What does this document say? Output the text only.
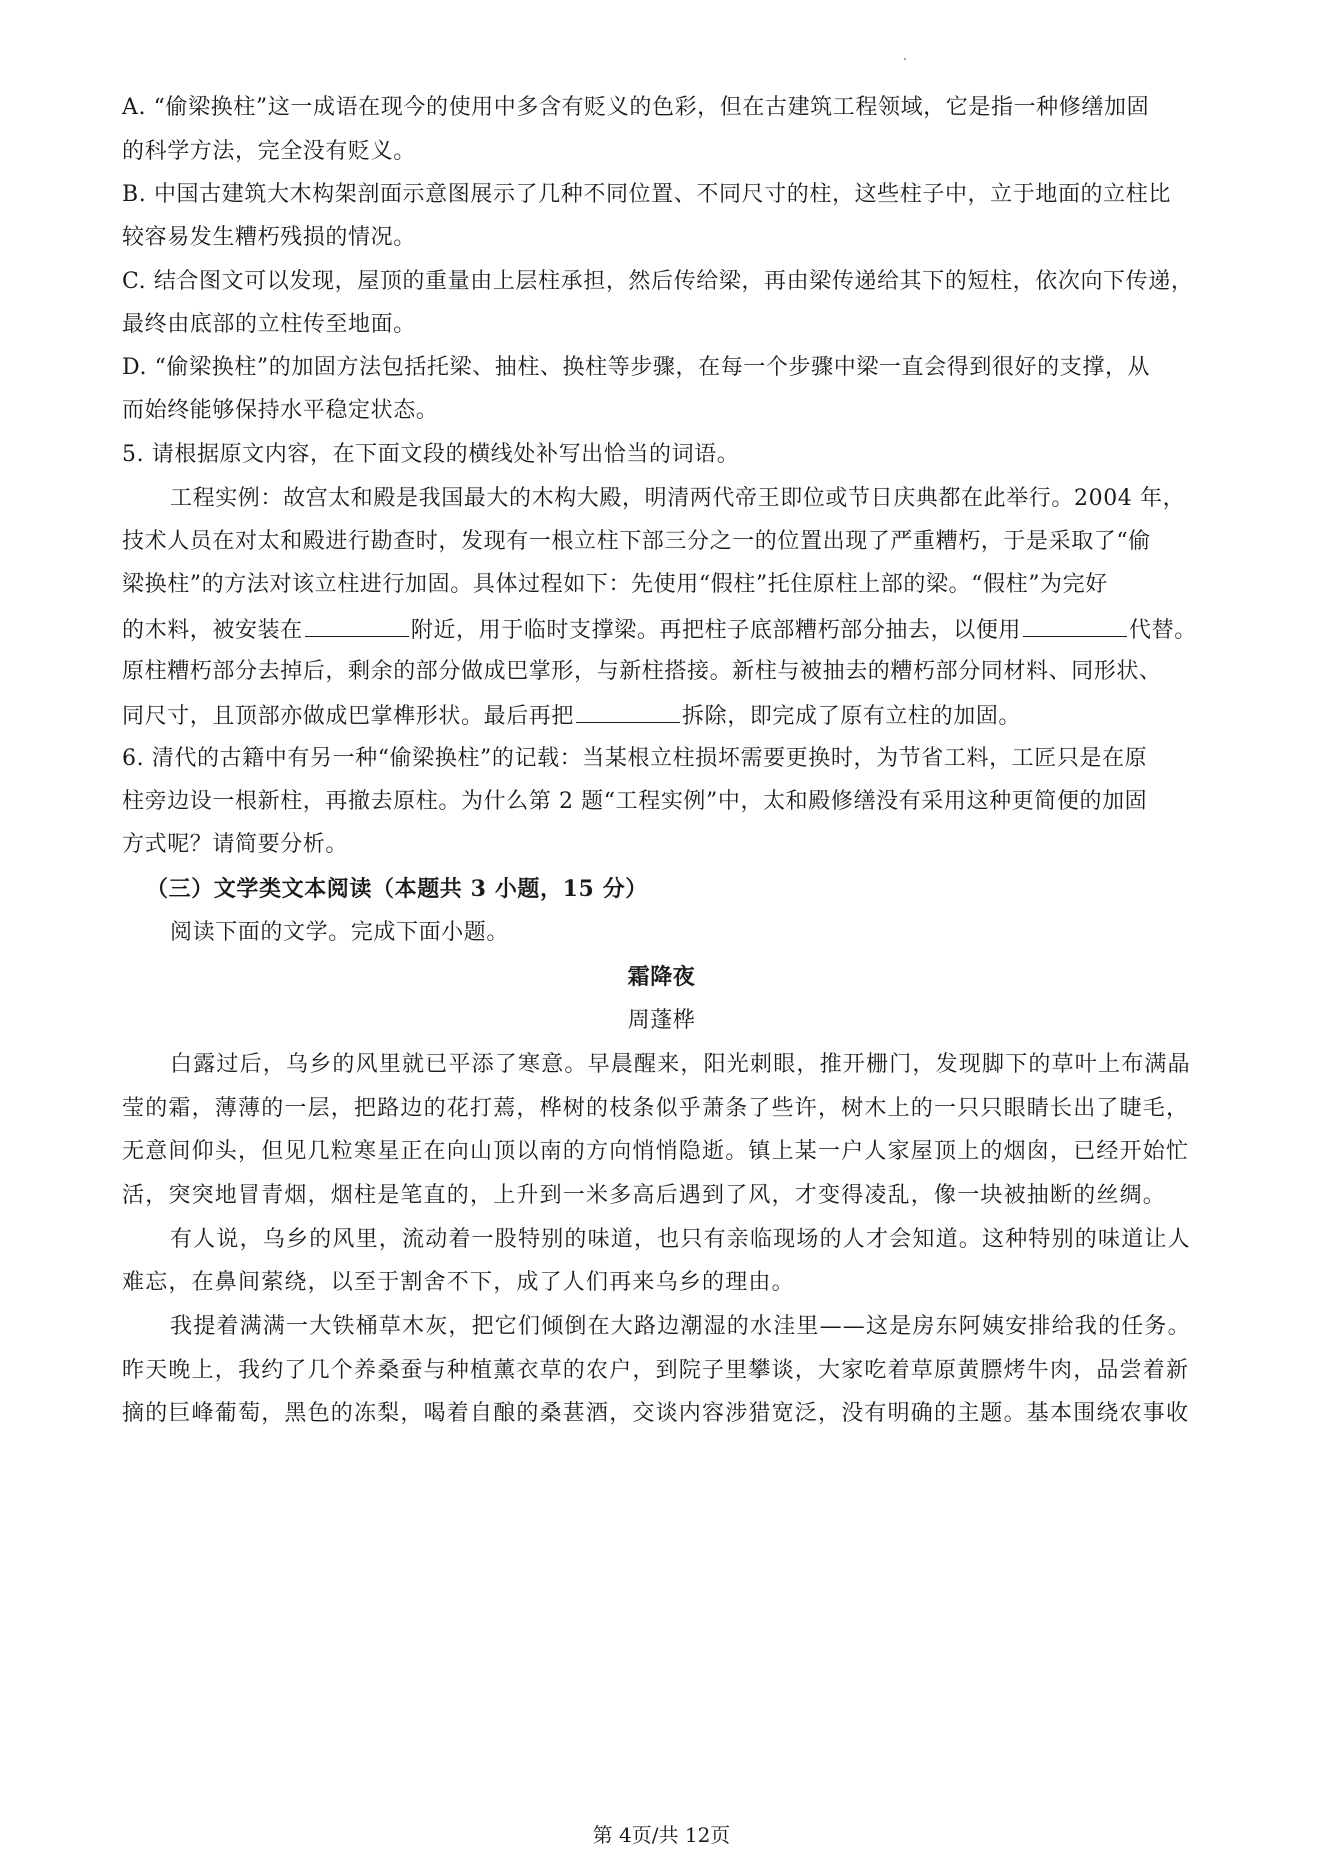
A. “偷梁换柱”这一成语在现今的使用中多含有贬义的色彩，但在古建筑工程领域，它是指一种修缮加固
的科学方法，完全没有贬义。
B. 中国古建筑大木构架剖面示意图展示了几种不同位置、不同尺寸的柱，这些柱子中，立于地面的立柱比
较容易发生糟朽残损的情况。
C. 结合图文可以发现，屋顶的重量由上层柱承担，然后传给梁，再由梁传递给其下的短柱，依次向下传递，
最终由底部的立柱传至地面。
D. “偷梁换柱”的加固方法包括托梁、抽柱、换柱等步骤，在每一个步骤中梁一直会得到很好的支撑，从
而始终能够保持水平稳定状态。
5. 请根据原文内容，在下面文段的横线处补写出恰当的词语。
工程实例：故宫太和殿是我国最大的木构大殿，明清两代帝王即位或节日庆典都在此举行。2004 年，
技术人员在对太和殿进行勘查时，发现有一根立柱下部三分之一的位置出现了严重糟朽，于是采取了“偷
梁换柱”的方法对该立柱进行加固。具体过程如下：先使用“假柱”托住原柱上部的梁。“假柱”为完好
的木料，被安装在	附近，用于临时支撑梁。再把柱子底部糟朽部分抽去，以便用	代替。
原柱糟朽部分去掉后，剩余的部分做成巴掌形，与新柱搭接。新柱与被抽去的糟朽部分同材料、同形状、
同尺寸，且顶部亦做成巴掌榫形状。最后再把	拆除，即完成了原有立柱的加固。
6. 清代的古籍中有另一种“偷梁换柱”的记载：当某根立柱损坏需要更换时，为节省工料，工匠只是在原
柱旁边设一根新柱，再撤去原柱。为什么第 2 题“工程实例”中，太和殿修缮没有采用这种更简便的加固
方式呢？请简要分析。
（三）文学类文本阅读（本题共 3 小题，15 分）
阅读下面的文学。完成下面小题。
霜降夜
周蓬桦
白露过后，乌乡的风里就已平添了寒意。早晨醒来，阳光刺眼，推开栅门，发现脚下的草叶上布满晶
莹的霜，薄薄的一层，把路边的花打蔫，桦树的枝条似乎萧条了些许，树木上的一只只眼睛长出了睫毛，
无意间仰头，但见几粒寒星正在向山顶以南的方向悄悄隐逝。镇上某一户人家屋顶上的烟囱，已经开始忙
活，突突地冒青烟，烟柱是笔直的，上升到一米多高后遇到了风，才变得凌乱，像一块被抽断的丝绸。
有人说，乌乡的风里，流动着一股特别的味道，也只有亲临现场的人才会知道。这种特别的味道让人
难忘，在鼻间萦绕，以至于割舍不下，成了人们再来乌乡的理由。
我提着满满一大铁桶草木灰，把它们倾倒在大路边潮湿的水洼里——这是房东阿姨安排给我的任务。
昨天晚上，我约了几个养桑蚕与种植薰衣草的农户，到院子里攀谈，大家吃着草原黄膘烤牛肉，品尝着新
摘的巨峰葡萄，黑色的冻梨，喝着自酿的桑葚酒，交谈内容涉猎宽泛，没有明确的主题。基本围绕农事收
第 4页/共 12页
